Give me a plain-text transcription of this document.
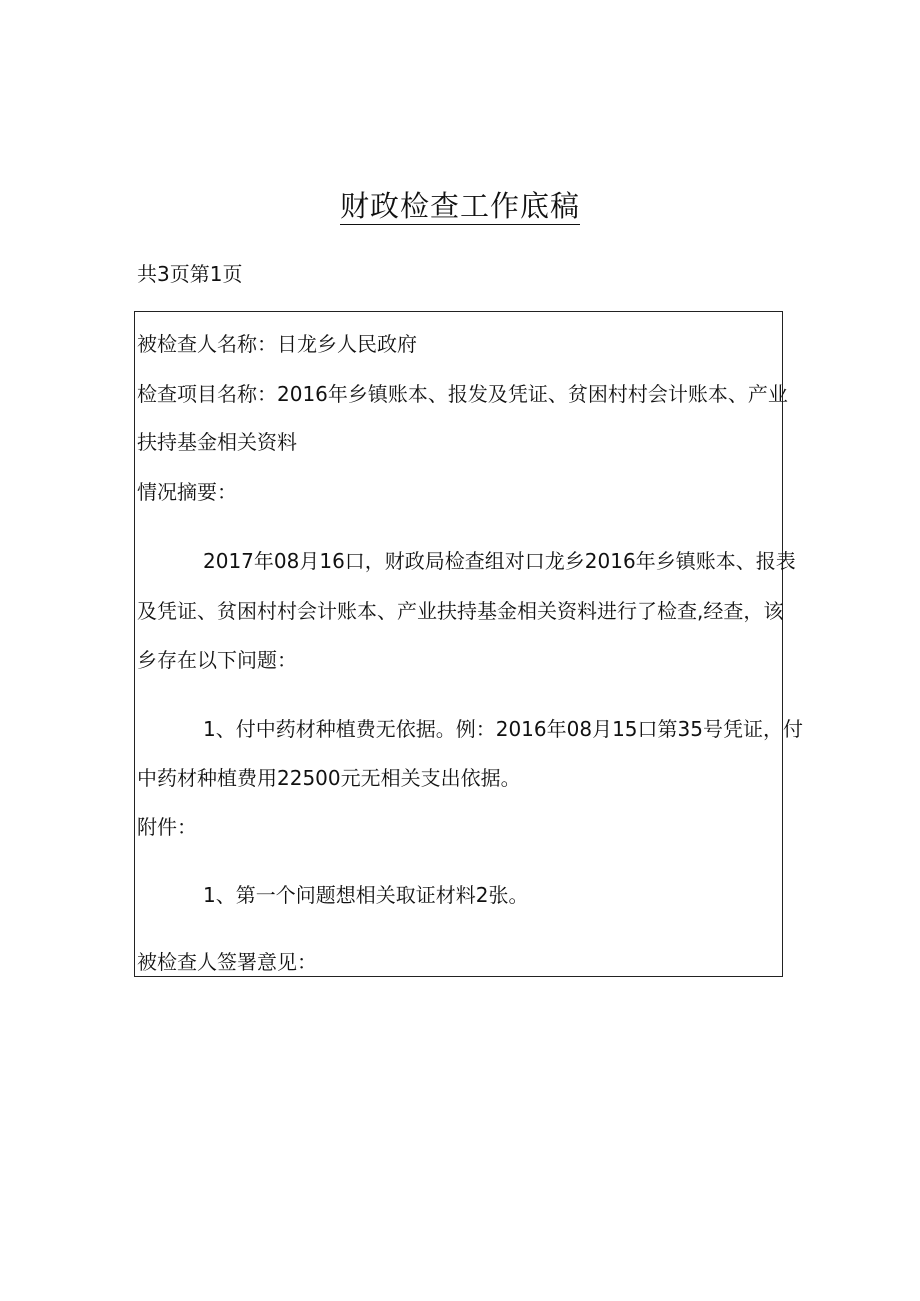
财政检查工作底稿
共3页第1页
被检查人名称：日龙乡人民政府
检查项目名称：2016年乡镇账本、报发及凭证、贫困村村会计账本、产业
扶持基金相关资料
情况摘要：
2017年08月16口，财政局检查组对口龙乡2016年乡镇账本、报表
及凭证、贫困村村会计账本、产业扶持基金相关资料进行了检查,经查，该
乡存在以下问题：
1、付中药材种植费无依据。例：2016年08月15口第35号凭证，付
中药材种植费用22500元无相关支出依据。
附件：
1、第一个问题想相关取证材料2张。
被检查人签署意见：
